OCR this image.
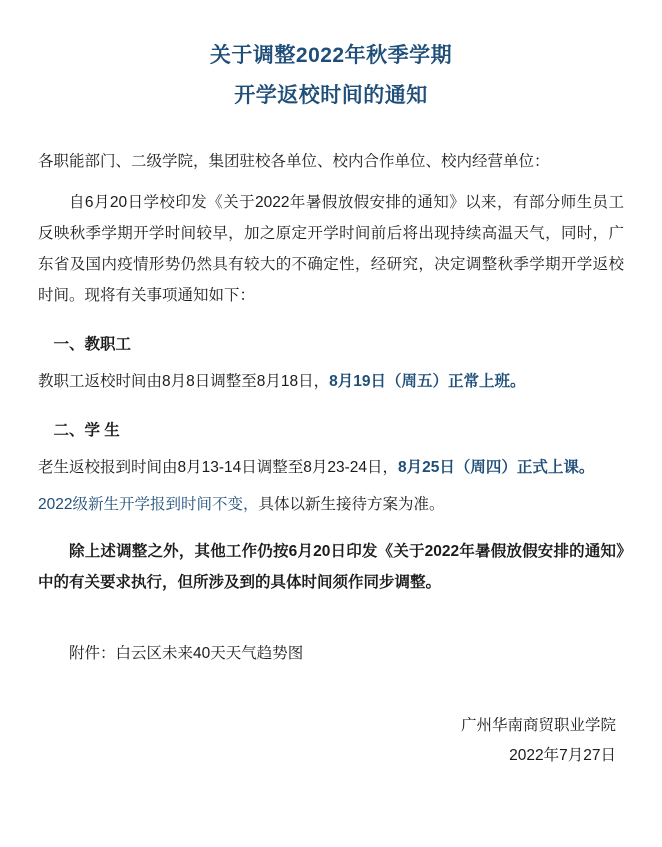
关于调整2022年秋季学期
开学返校时间的通知

各职能部门、二级学院，集团驻校各单位、校内合作单位、校内经营单位：

自6月20日学校印发《关于2022年暑假放假安排的通知》以来，有部分师生员工反映秋季学期开学时间较早，加之原定开学时间前后将出现持续高温天气，同时，广东省及国内疫情形势仍然具有较大的不确定性，经研究，决定调整秋季学期开学返校时间。现将有关事项通知如下：

一、教职工

教职工返校时间由8月8日调整至8月18日，8月19日（周五）正常上班。

二、学 生

老生返校报到时间由8月13-14日调整至8月23-24日，8月25日（周四）正式上课。

2022级新生开学报到时间不变，具体以新生接待方案为准。

除上述调整之外，其他工作仍按6月20日印发《关于2022年暑假放假安排的通知》中的有关要求执行，但所涉及到的具体时间须作同步调整。

附件：白云区未来40天天气趋势图

广州华南商贸职业学院
2022年7月27日
